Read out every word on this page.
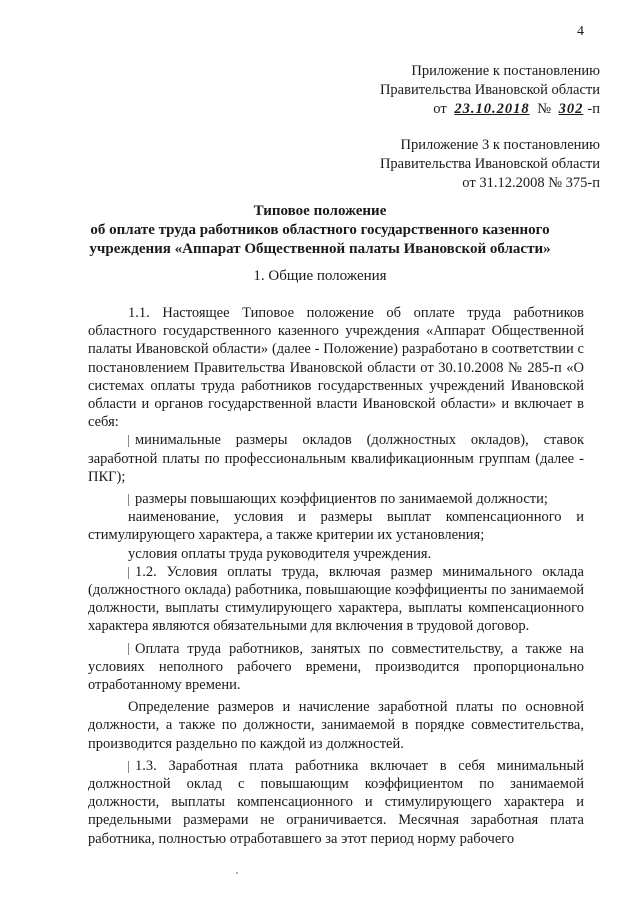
4
Приложение к постановлению
Правительства Ивановской области
от 23.10.2018 № 302 -п
Приложение 3 к постановлению
Правительства Ивановской области
от 31.12.2008 № 375-п
Типовое положение
об оплате труда работников областного государственного казенного
учреждения «Аппарат Общественной палаты Ивановской области»
1. Общие положения

1.1. Настоящее Типовое положение об оплате труда работников областного государственного казенного учреждения «Аппарат Общественной палаты Ивановской области» (далее - Положение) разработано в соответствии с постановлением Правительства Ивановской области от 30.10.2008 № 285-п «О системах оплаты труда работников государственных учреждений Ивановской области и органов государственной власти Ивановской области» и включает в себя:

минимальные размеры окладов (должностных окладов), ставок заработной платы по профессиональным квалификационным группам (далее - ПКГ);

размеры повышающих коэффициентов по занимаемой должности;

наименование, условия и размеры выплат компенсационного и стимулирующего характера, а также критерии их установления;

условия оплаты труда руководителя учреждения.

1.2. Условия оплаты труда, включая размер минимального оклада (должностного оклада) работника, повышающие коэффициенты по занимаемой должности, выплаты стимулирующего характера, выплаты компенсационного характера являются обязательными для включения в трудовой договор.

Оплата труда работников, занятых по совместительству, а также на условиях неполного рабочего времени, производится пропорционально отработанному времени.

Определение размеров и начисление заработной платы по основной должности, а также по должности, занимаемой в порядке совместительства, производится раздельно по каждой из должностей.

1.3. Заработная плата работника включает в себя минимальный должностной оклад с повышающим коэффициентом по занимаемой должности, выплаты компенсационного и стимулирующего характера и предельными размерами не ограничивается. Месячная заработная плата работника, полностью отработавшего за этот период норму рабочего
